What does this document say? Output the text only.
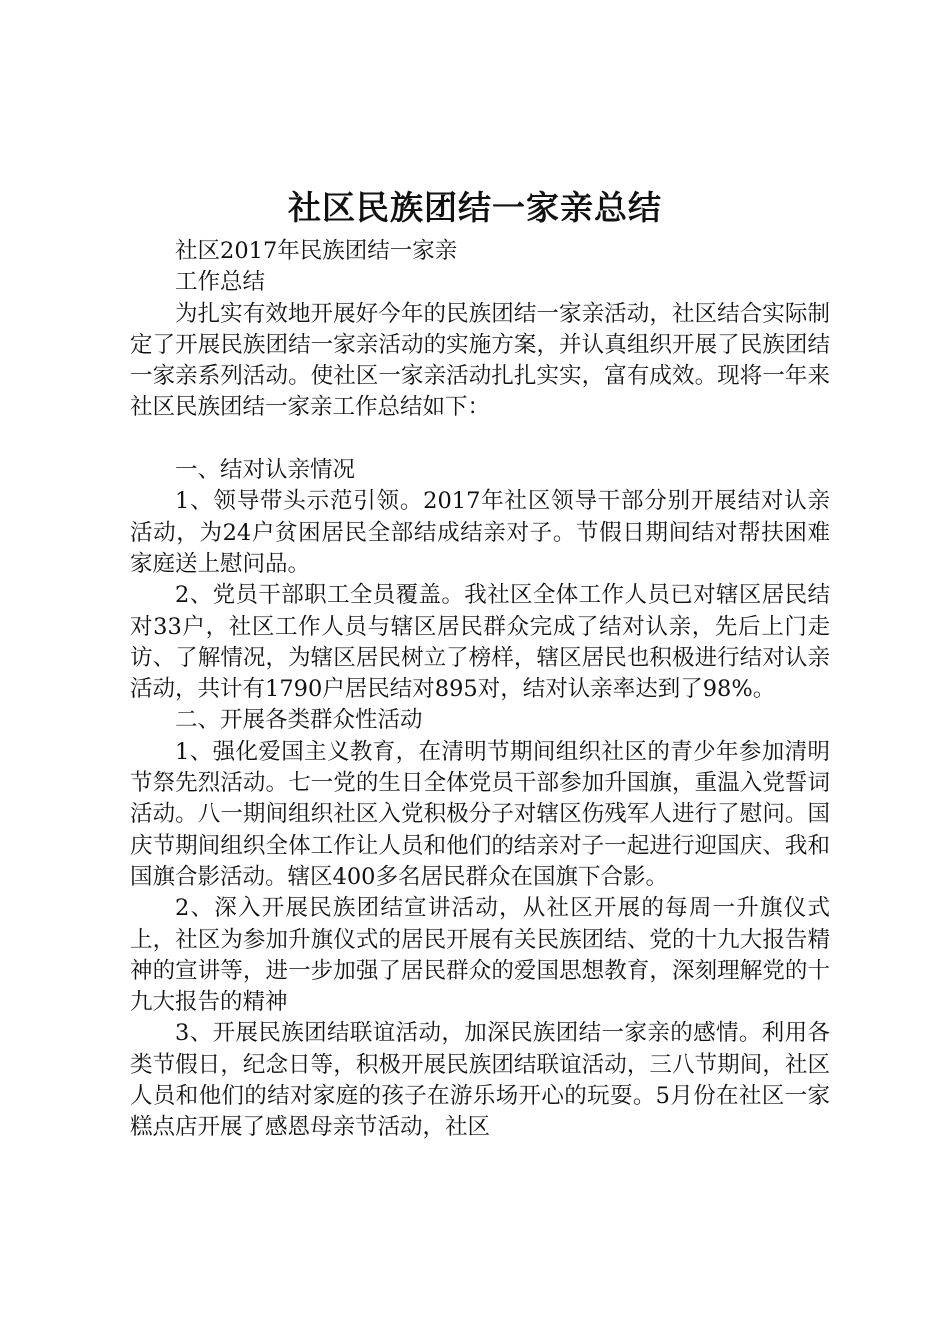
社区民族团结一家亲总结

社区2017年民族团结一家亲

工作总结

为扎实有效地开展好今年的民族团结一家亲活动，社区结合实际制定了开展民族团结一家亲活动的实施方案，并认真组织开展了民族团结一家亲系列活动。使社区一家亲活动扎扎实实，富有成效。现将一年来社区民族团结一家亲工作总结如下：

一、结对认亲情况

1、领导带头示范引领。2017年社区领导干部分别开展结对认亲活动，为24户贫困居民全部结成结亲对子。节假日期间结对帮扶困难家庭送上慰问品。

2、党员干部职工全员覆盖。我社区全体工作人员已对辖区居民结对33户，社区工作人员与辖区居民群众完成了结对认亲，先后上门走访、了解情况，为辖区居民树立了榜样，辖区居民也积极进行结对认亲活动，共计有1790户居民结对895对，结对认亲率达到了98%。

二、开展各类群众性活动

1、强化爱国主义教育，在清明节期间组织社区的青少年参加清明节祭先烈活动。七一党的生日全体党员干部参加升国旗，重温入党誓词活动。八一期间组织社区入党积极分子对辖区伤残军人进行了慰问。国庆节期间组织全体工作让人员和他们的结亲对子一起进行迎国庆、我和国旗合影活动。辖区400多名居民群众在国旗下合影。

2、深入开展民族团结宣讲活动，从社区开展的每周一升旗仪式上，社区为参加升旗仪式的居民开展有关民族团结、党的十九大报告精神的宣讲等，进一步加强了居民群众的爱国思想教育，深刻理解党的十九大报告的精神

3、开展民族团结联谊活动，加深民族团结一家亲的感情。利用各类节假日，纪念日等，积极开展民族团结联谊活动，三八节期间，社区人员和他们的结对家庭的孩子在游乐场开心的玩耍。5月份在社区一家糕点店开展了感恩母亲节活动，社区
